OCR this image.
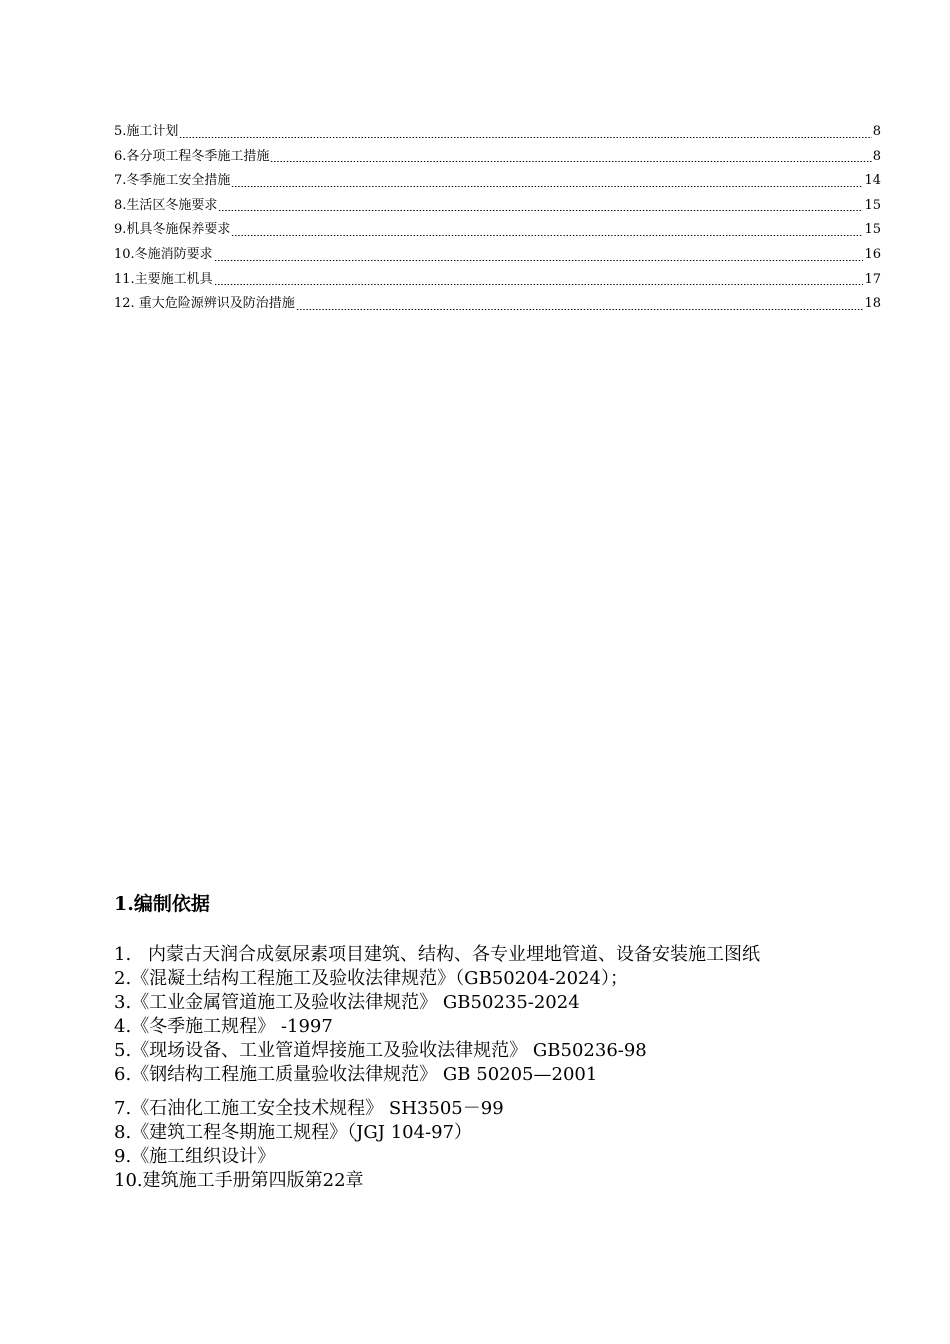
5.施工计划	8
6.各分项工程冬季施工措施	8
7.冬季施工安全措施	14
8.生活区冬施要求	15
9.机具冬施保养要求	15
10.冬施消防要求	16
11.主要施工机具	17
12. 重大危险源辨识及防治措施	18
1.编制依据
1. 内蒙古天润合成氨尿素项目建筑、结构、各专业埋地管道、设备安装施工图纸
2. 《混凝土结构工程施工及验收法律规范》（GB50204-2024）；
3. 《工业金属管道施工及验收法律规范》 GB50235-2024
4. 《冬季施工规程》 -1997
5. 《现场设备、工业管道焊接施工及验收法律规范》 GB50236-98
6. 《钢结构工程施工质量验收法律规范》 GB 50205—2001
7. 《石油化工施工安全技术规程》 SH3505－99
8. 《建筑工程冬期施工规程》（JGJ 104-97）
9. 《施工组织设计》
10. 建筑施工手册第四版第22章
